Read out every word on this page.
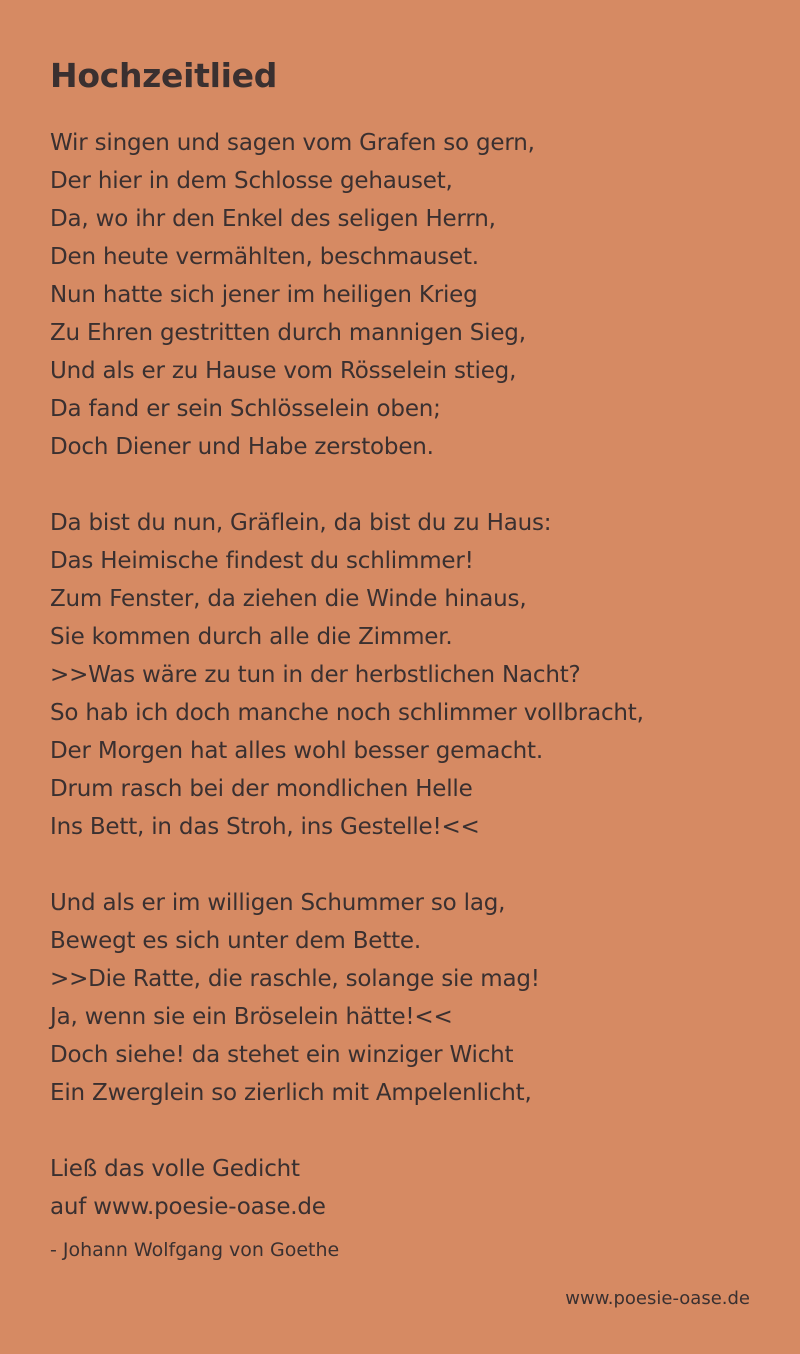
Hochzeitlied
Wir singen und sagen vom Grafen so gern,
Der hier in dem Schlosse gehauset,
Da, wo ihr den Enkel des seligen Herrn,
Den heute vermählten, beschmauset.
Nun hatte sich jener im heiligen Krieg
Zu Ehren gestritten durch mannigen Sieg,
Und als er zu Hause vom Rösselein stieg,
Da fand er sein Schlösselein oben;
Doch Diener und Habe zerstoben.
Da bist du nun, Gräflein, da bist du zu Haus:
Das Heimische findest du schlimmer!
Zum Fenster, da ziehen die Winde hinaus,
Sie kommen durch alle die Zimmer.
>>Was wäre zu tun in der herbstlichen Nacht?
So hab ich doch manche noch schlimmer vollbracht,
Der Morgen hat alles wohl besser gemacht.
Drum rasch bei der mondlichen Helle
Ins Bett, in das Stroh, ins Gestelle!<<
Und als er im willigen Schummer so lag,
Bewegt es sich unter dem Bette.
>>Die Ratte, die raschle, solange sie mag!
Ja, wenn sie ein Bröselein hätte!<<
Doch siehe! da stehet ein winziger Wicht
Ein Zwerglein so zierlich mit Ampelenlicht,
Ließ das volle Gedicht
auf www.poesie-oase.de
- Johann Wolfgang von Goethe
www.poesie-oase.de
